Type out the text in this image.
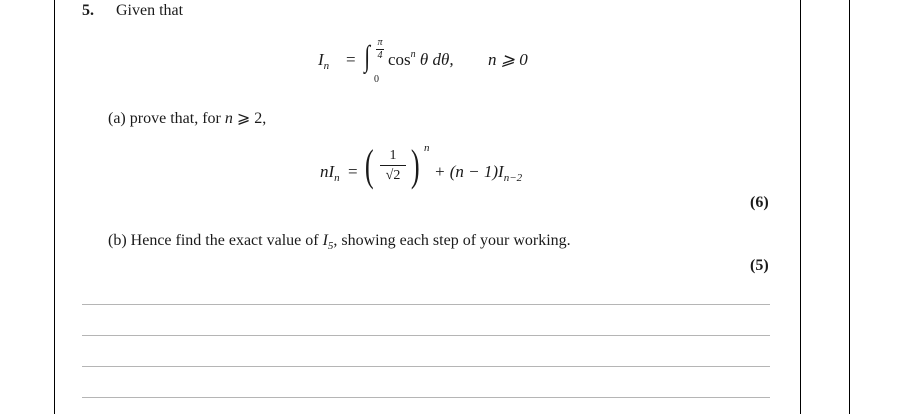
5. Given that
$I_n$ = ∫ π
4
0
$\cos^n \theta$ dθ, n ⩾ 0
(a) prove that, for n ⩾ 2,
$nI_n$ = (	1
√2 ) n
+ $(n - 1)I_{n-2}$
(6)
(b) Hence find the exact value of $I_5$, showing each step of your working.
(5)
